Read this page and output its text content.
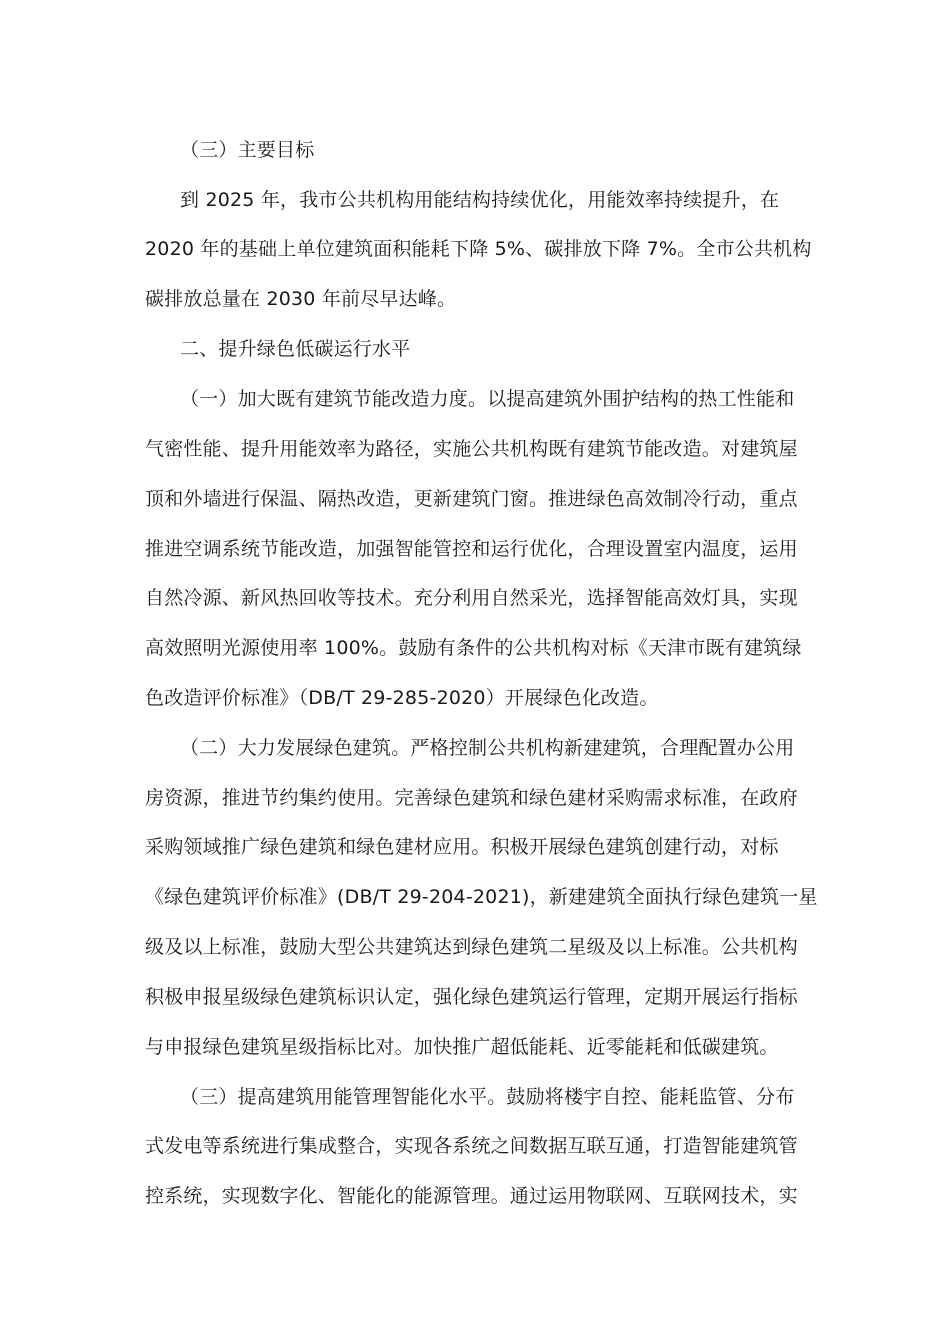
（三）主要目标
到 2025 年，我市公共机构用能结构持续优化，用能效率持续提升，在
2020 年的基础上单位建筑面积能耗下降 5%、碳排放下降 7%。全市公共机构
碳排放总量在 2030 年前尽早达峰。
二、提升绿色低碳运行水平
（一）加大既有建筑节能改造力度。以提高建筑外围护结构的热工性能和
气密性能、提升用能效率为路径，实施公共机构既有建筑节能改造。对建筑屋
顶和外墙进行保温、隔热改造，更新建筑门窗。推进绿色高效制冷行动，重点
推进空调系统节能改造，加强智能管控和运行优化，合理设置室内温度，运用
自然冷源、新风热回收等技术。充分利用自然采光，选择智能高效灯具，实现
高效照明光源使用率 100%。鼓励有条件的公共机构对标《天津市既有建筑绿
色改造评价标准》（DB/T 29-285-2020）开展绿色化改造。
（二）大力发展绿色建筑。严格控制公共机构新建建筑，合理配置办公用
房资源，推进节约集约使用。完善绿色建筑和绿色建材采购需求标准，在政府
采购领域推广绿色建筑和绿色建材应用。积极开展绿色建筑创建行动，对标
《绿色建筑评价标准》(DB/T 29-204-2021)，新建建筑全面执行绿色建筑一星
级及以上标准，鼓励大型公共建筑达到绿色建筑二星级及以上标准。公共机构
积极申报星级绿色建筑标识认定，强化绿色建筑运行管理，定期开展运行指标
与申报绿色建筑星级指标比对。加快推广超低能耗、近零能耗和低碳建筑。
（三）提高建筑用能管理智能化水平。鼓励将楼宇自控、能耗监管、分布
式发电等系统进行集成整合，实现各系统之间数据互联互通，打造智能建筑管
控系统，实现数字化、智能化的能源管理。通过运用物联网、互联网技术，实
